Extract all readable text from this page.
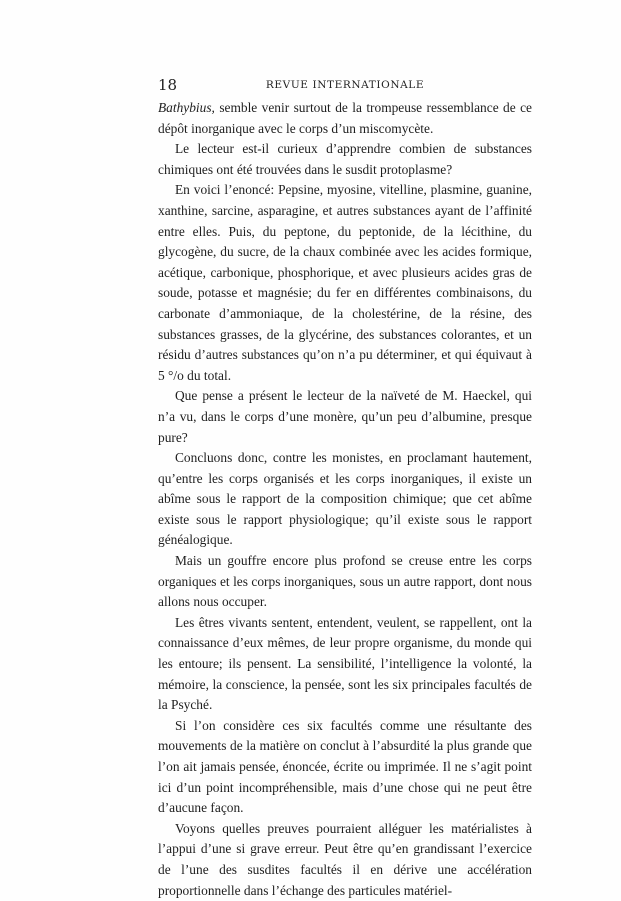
18	REVUE INTERNATIONALE

Bathybius, semble venir surtout de la trompeuse ressemblance de ce dépôt inorganique avec le corps d’un miscomycète.

Le lecteur est-il curieux d’apprendre combien de substances chimiques ont été trouvées dans le susdit protoplasme?

En voici l’enoncé: Pepsine, myosine, vitelline, plasmine, guanine, xanthine, sarcine, asparagine, et autres substances ayant de l’affinité entre elles. Puis, du peptone, du peptonide, de la lécithine, du glycogène, du sucre, de la chaux combinée avec les acides formique, acétique, carbonique, phosphorique, et avec plusieurs acides gras de soude, potasse et magnésie; du fer en différentes combinaisons, du carbonate d’ammoniaque, de la cholestérine, de la résine, des substances grasses, de la glycérine, des substances colorantes, et un résidu d’autres substances qu’on n’a pu déterminer, et qui équivaut à 5 °/o du total.

Que pense a présent le lecteur de la naïveté de M. Haeckel, qui n’a vu, dans le corps d’une monère, qu’un peu d’albumine, presque pure?

Concluons donc, contre les monistes, en proclamant hautement, qu’entre les corps organisés et les corps inorganiques, il existe un abîme sous le rapport de la composition chimique; que cet abîme existe sous le rapport physiologique; qu’il existe sous le rapport généalogique.

Mais un gouffre encore plus profond se creuse entre les corps organiques et les corps inorganiques, sous un autre rapport, dont nous allons nous occuper.

Les êtres vivants sentent, entendent, veulent, se rappellent, ont la connaissance d’eux mêmes, de leur propre organisme, du monde qui les entoure; ils pensent. La sensibilité, l’intelligence la volonté, la mémoire, la conscience, la pensée, sont les six principales facultés de la Psyché.

Si l’on considère ces six facultés comme une résultante des mouvements de la matière on conclut à l’absurdité la plus grande que l’on ait jamais pensée, énoncée, écrite ou imprimée. Il ne s’agit point ici d’un point incompréhensible, mais d’une chose qui ne peut être d’aucune façon.

Voyons quelles preuves pourraient alléguer les matérialistes à l’appui d’une si grave erreur. Peut être qu’en grandissant l’exercice de l’une des susdites facultés il en dérive une accélération proportionnelle dans l’échange des particules matériel-
